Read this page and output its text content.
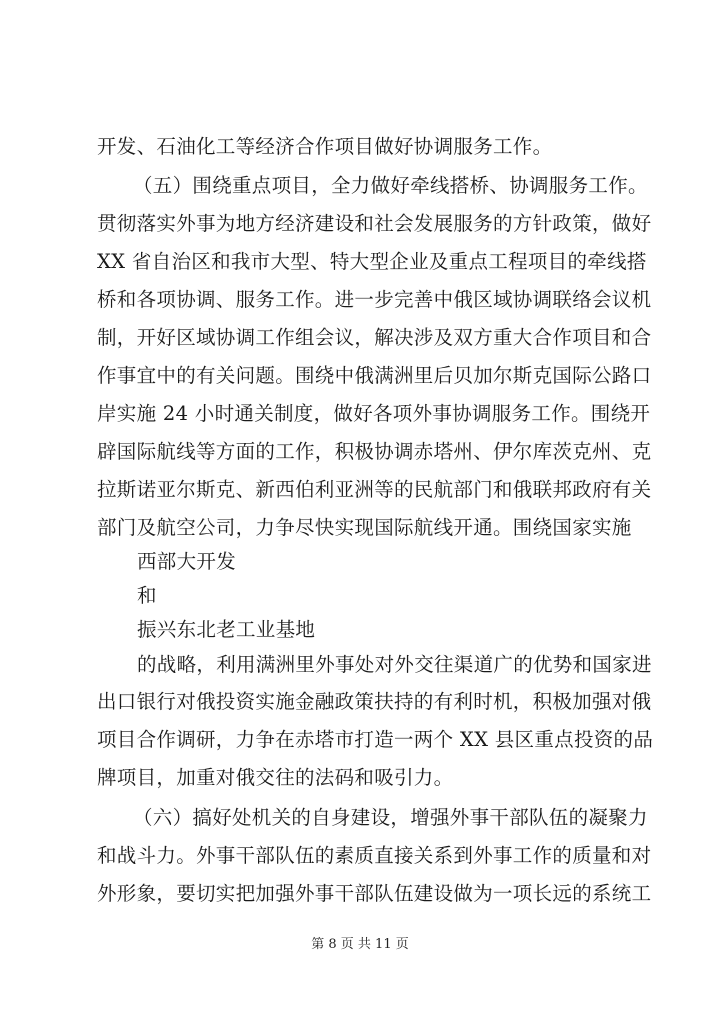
开发、石油化工等经济合作项目做好协调服务工作。
（五）围绕重点项目，全力做好牵线搭桥、协调服务工作。
贯彻落实外事为地方经济建设和社会发展服务的方针政策，做好
XX 省自治区和我市大型、特大型企业及重点工程项目的牵线搭
桥和各项协调、服务工作。进一步完善中俄区域协调联络会议机
制，开好区域协调工作组会议，解决涉及双方重大合作项目和合
作事宜中的有关问题。围绕中俄满洲里后贝加尔斯克国际公路口
岸实施 24 小时通关制度，做好各项外事协调服务工作。围绕开
辟国际航线等方面的工作，积极协调赤塔州、伊尔库茨克州、克
拉斯诺亚尔斯克、新西伯利亚洲等的民航部门和俄联邦政府有关
部门及航空公司，力争尽快实现国际航线开通。围绕国家实施
西部大开发
和
振兴东北老工业基地
的战略，利用满洲里外事处对外交往渠道广的优势和国家进
出口银行对俄投资实施金融政策扶持的有利时机，积极加强对俄
项目合作调研，力争在赤塔市打造一两个 XX 县区重点投资的品
牌项目，加重对俄交往的法码和吸引力。
（六）搞好处机关的自身建设，增强外事干部队伍的凝聚力
和战斗力。外事干部队伍的素质直接关系到外事工作的质量和对
外形象，要切实把加强外事干部队伍建设做为一项长远的系统工
第 8 页 共 11 页
